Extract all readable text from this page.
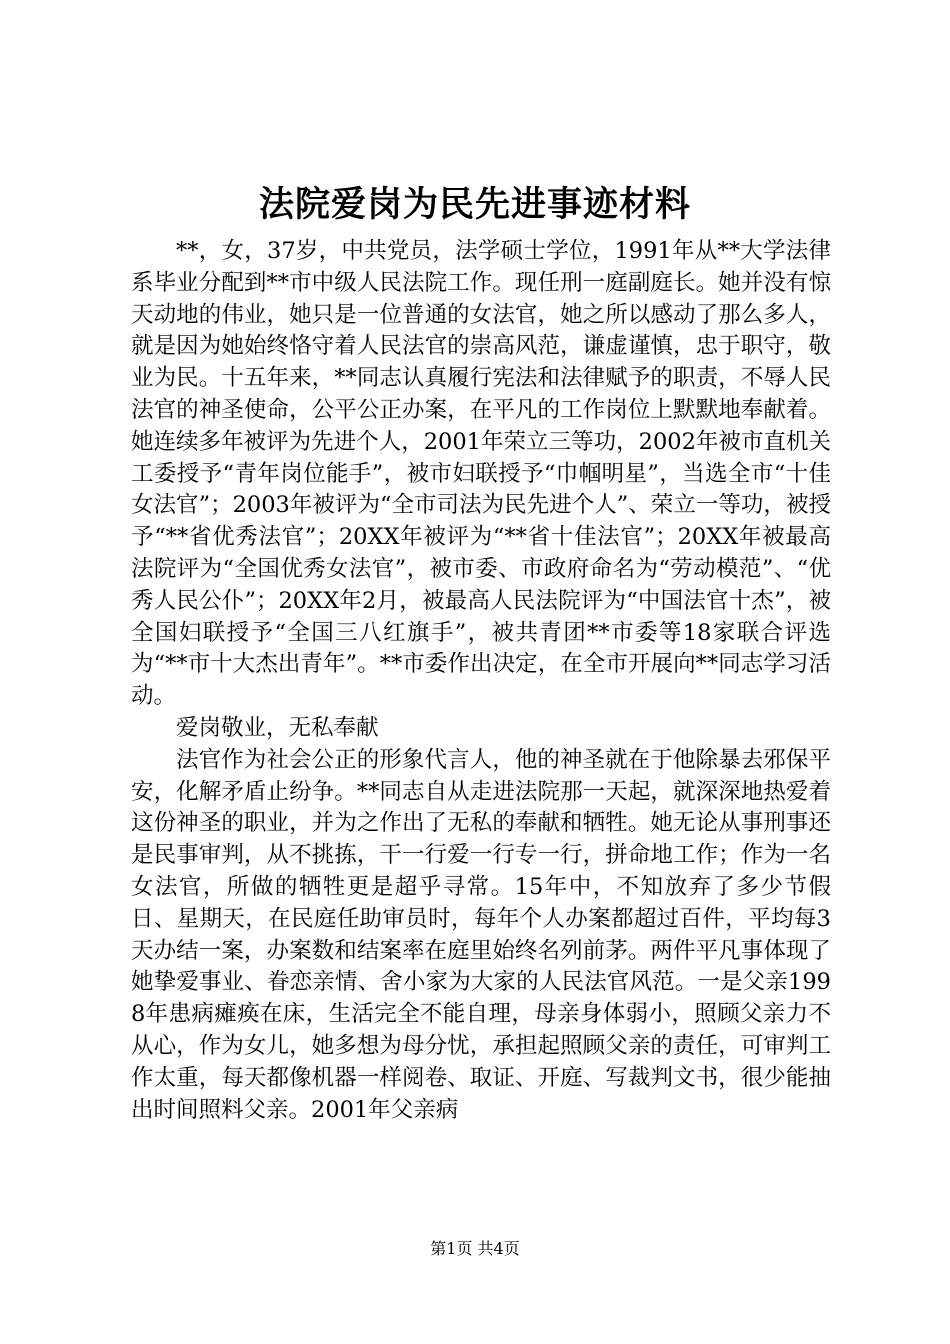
法院爱岗为民先进事迹材料

**，女，37岁，中共党员，法学硕士学位，1991年从**大学法律系毕业分配到**市中级人民法院工作。现任刑一庭副庭长。她并没有惊天动地的伟业，她只是一位普通的女法官，她之所以感动了那么多人，就是因为她始终恪守着人民法官的崇高风范，谦虚谨慎，忠于职守，敬业为民。十五年来，**同志认真履行宪法和法律赋予的职责，不辱人民法官的神圣使命，公平公正办案，在平凡的工作岗位上默默地奉献着。她连续多年被评为先进个人，2001年荣立三等功，2002年被市直机关工委授予“青年岗位能手”，被市妇联授予“巾帼明星”，当选全市“十佳女法官”；2003年被评为“全市司法为民先进个人”、荣立一等功，被授予“**省优秀法官”；20XX年被评为“**省十佳法官”；20XX年被最高法院评为“全国优秀女法官”，被市委、市政府命名为“劳动模范”、“优秀人民公仆”；20XX年2月，被最高人民法院评为“中国法官十杰”，被全国妇联授予“全国三八红旗手”，被共青团**市委等18家联合评选为“**市十大杰出青年”。**市委作出决定，在全市开展向**同志学习活动。

爱岗敬业，无私奉献

法官作为社会公正的形象代言人，他的神圣就在于他除暴去邪保平安，化解矛盾止纷争。**同志自从走进法院那一天起，就深深地热爱着这份神圣的职业，并为之作出了无私的奉献和牺牲。她无论从事刑事还是民事审判，从不挑拣，干一行爱一行专一行，拼命地工作；作为一名女法官，所做的牺牲更是超乎寻常。15年中，不知放弃了多少节假日、星期天，在民庭任助审员时，每年个人办案都超过百件，平均每3天办结一案，办案数和结案率在庭里始终名列前茅。两件平凡事体现了她挚爱事业、眷恋亲情、舍小家为大家的人民法官风范。一是父亲1998年患病瘫痪在床，生活完全不能自理，母亲身体弱小，照顾父亲力不从心，作为女儿，她多想为母分忧，承担起照顾父亲的责任，可审判工作太重，每天都像机器一样阅卷、取证、开庭、写裁判文书，很少能抽出时间照料父亲。2001年父亲病

第1页 共4页
